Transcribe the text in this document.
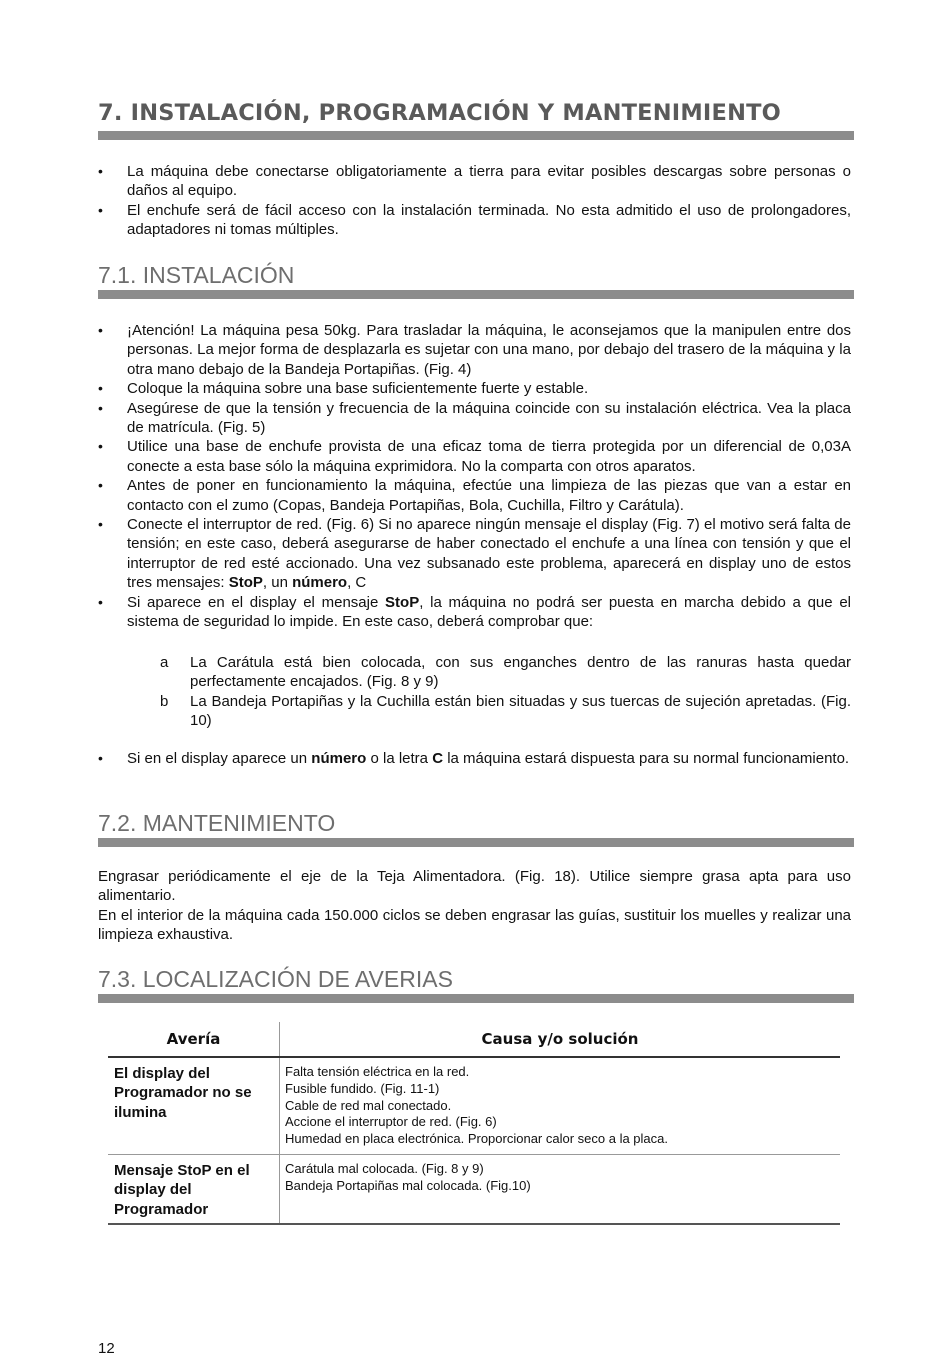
7. INSTALACIÓN, PROGRAMACIÓN Y MANTENIMIENTO
• La máquina debe conectarse obligatoriamente a tierra para evitar posibles descargas sobre personas o daños al equipo.
• El enchufe será de fácil acceso con la instalación terminada. No esta admitido el uso de prolongadores, adaptadores ni tomas múltiples.
7.1. INSTALACIÓN
• ¡Atención! La máquina pesa 50kg. Para trasladar la máquina, le aconsejamos que la manipulen entre dos personas. La mejor forma de desplazarla es sujetar con una mano, por debajo del trasero de la máquina y la otra mano debajo de la Bandeja Portapiñas. (Fig. 4)
• Coloque la máquina sobre una base suficientemente fuerte y estable.
• Asegúrese de que la tensión y frecuencia de la máquina coincide con su instalación eléctrica. Vea la placa de matrícula. (Fig. 5)
• Utilice una base de enchufe provista de una eficaz toma de tierra protegida por un diferencial de 0,03A conecte a esta base sólo la máquina exprimidora. No la comparta con otros aparatos.
• Antes de poner en funcionamiento la máquina, efectúe una limpieza de las piezas que van a estar en contacto con el zumo (Copas, Bandeja Portapiñas, Bola, Cuchilla, Filtro y Carátula).
• Conecte el interruptor de red. (Fig. 6) Si no aparece ningún mensaje el display (Fig. 7) el motivo será falta de tensión; en este caso, deberá asegurarse de haber conectado el enchufe a una línea con tensión y que el interruptor de red esté accionado. Una vez subsanado este problema, aparecerá en display uno de estos tres mensajes: StoP, un número, C
• Si aparece en el display el mensaje StoP, la máquina no podrá ser puesta en marcha debido a que el sistema de seguridad lo impide. En este caso, deberá comprobar que:
a La Carátula está bien colocada, con sus enganches dentro de las ranuras hasta quedar perfectamente encajados. (Fig. 8 y 9)
b La Bandeja Portapiñas y la Cuchilla están bien situadas y sus tuercas de sujeción apretadas. (Fig. 10)
• Si en el display aparece un número o la letra C la máquina estará dispuesta para su normal funcionamiento.
7.2. MANTENIMIENTO
Engrasar periódicamente el eje de la Teja Alimentadora. (Fig. 18). Utilice siempre grasa apta para uso alimentario.
En el interior de la máquina cada 150.000 ciclos se deben engrasar las guías, sustituir los muelles y realizar una limpieza exhaustiva.
7.3. LOCALIZACIÓN DE AVERIAS
Avería	Causa y/o solución
El display del Programador no se ilumina	Falta tensión eléctrica en la red.
Fusible fundido. (Fig. 11-1)
Cable de red mal conectado.
Accione el interruptor de red. (Fig. 6)
Humedad en placa electrónica. Proporcionar calor seco a la placa.

Mensaje StoP en el display del Programador	Carátula mal colocada. (Fig. 8 y 9)
Bandeja Portapiñas mal colocada. (Fig.10)
12
